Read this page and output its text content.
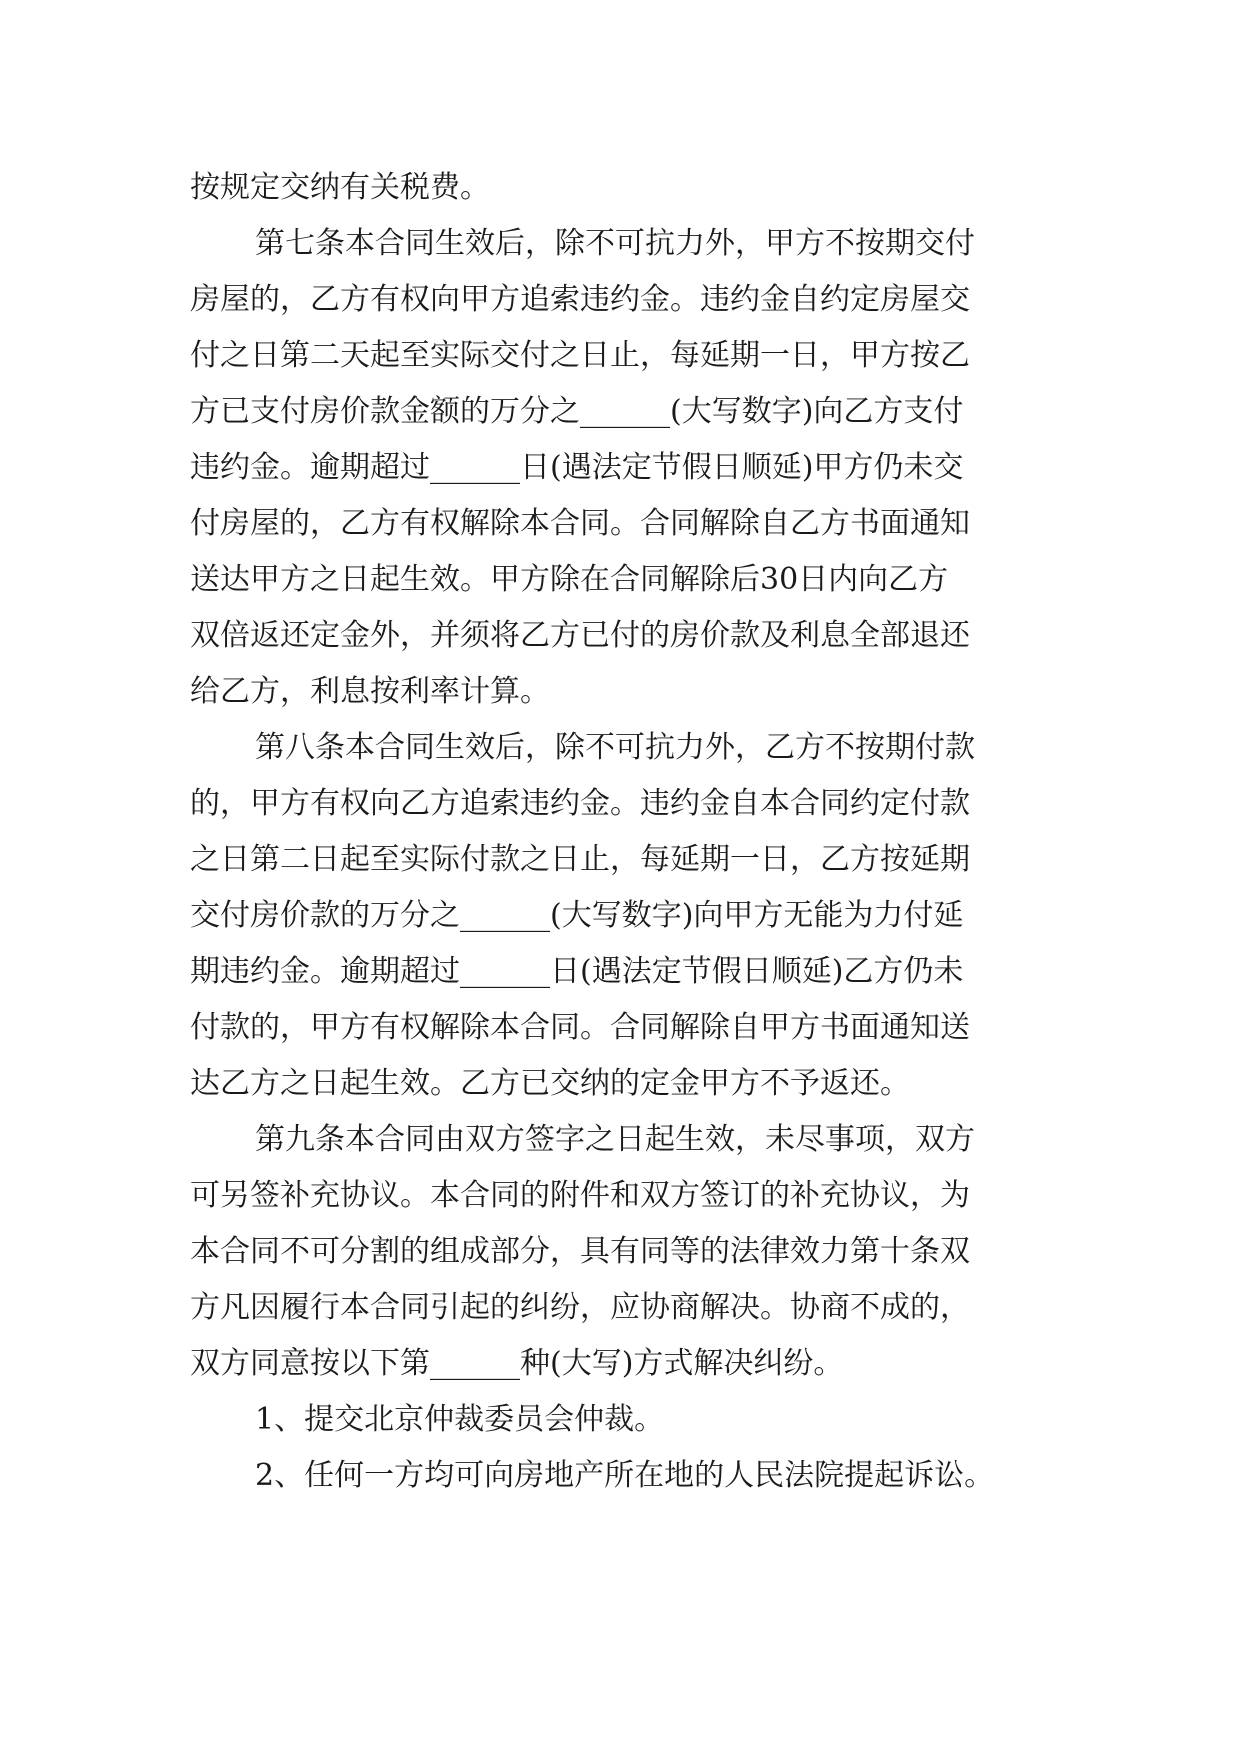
按规定交纳有关税费。
第七条本合同生效后，除不可抗力外，甲方不按期交付
房屋的，乙方有权向甲方追索违约金。违约金自约定房屋交
付之日第二天起至实际交付之日止，每延期一日，甲方按乙
方已支付房价款金额的万分之______(大写数字)向乙方支付
违约金。逾期超过______日(遇法定节假日顺延)甲方仍未交
付房屋的，乙方有权解除本合同。合同解除自乙方书面通知
送达甲方之日起生效。甲方除在合同解除后30日内向乙方
双倍返还定金外，并须将乙方已付的房价款及利息全部退还
给乙方，利息按利率计算。
第八条本合同生效后，除不可抗力外，乙方不按期付款
的，甲方有权向乙方追索违约金。违约金自本合同约定付款
之日第二日起至实际付款之日止，每延期一日，乙方按延期
交付房价款的万分之______(大写数字)向甲方无能为力付延
期违约金。逾期超过______日(遇法定节假日顺延)乙方仍未
付款的，甲方有权解除本合同。合同解除自甲方书面通知送
达乙方之日起生效。乙方已交纳的定金甲方不予返还。
第九条本合同由双方签字之日起生效，未尽事项，双方
可另签补充协议。本合同的附件和双方签订的补充协议，为
本合同不可分割的组成部分，具有同等的法律效力第十条双
方凡因履行本合同引起的纠纷，应协商解决。协商不成的，
双方同意按以下第______种(大写)方式解决纠纷。
1、提交北京仲裁委员会仲裁。
2、任何一方均可向房地产所在地的人民法院提起诉讼。
